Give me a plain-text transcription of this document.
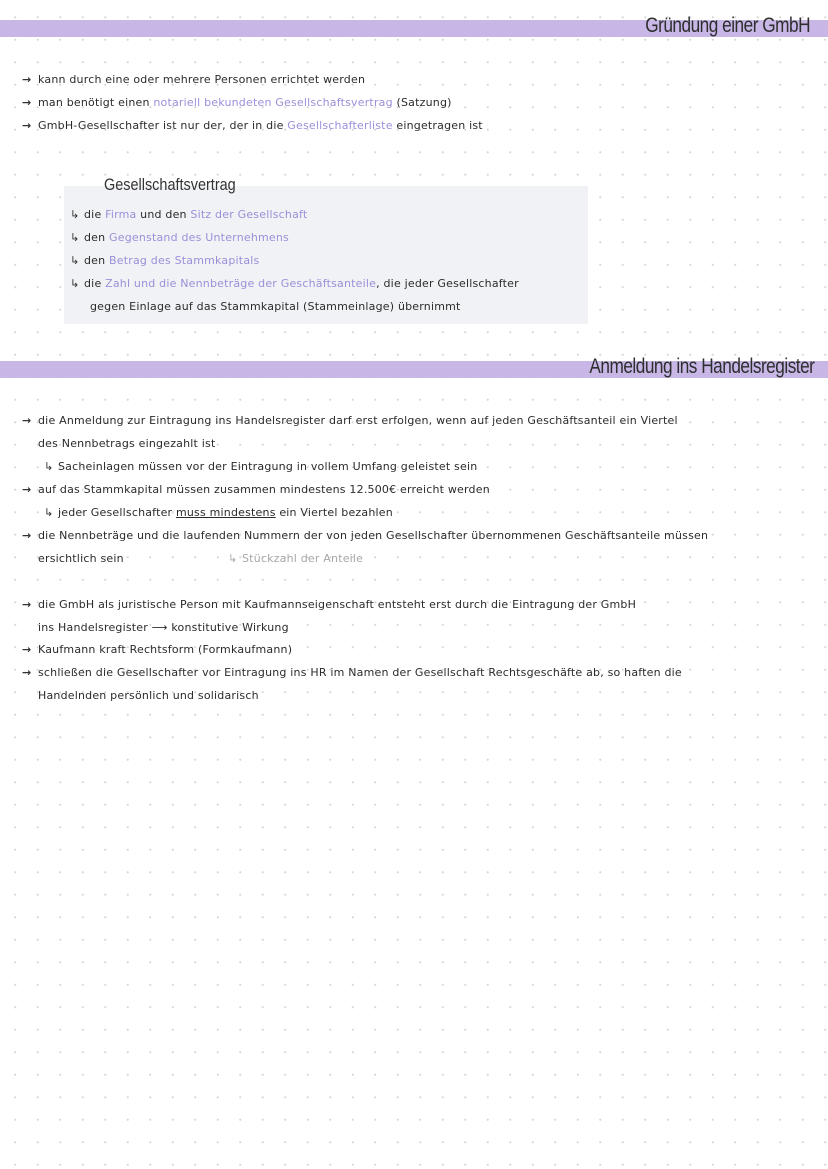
Gründung einer GmbH
→ kann durch eine oder mehrere Personen errichtet werden
→ man benötigt einen notariell bekundeten Gesellschaftsvertrag (Satzung)
→ GmbH-Gesellschafter ist nur der, der in die Gesellschafterliste eingetragen ist
Gesellschaftsvertrag
↳ die Firma und den Sitz der Gesellschaft
↳ den Gegenstand des Unternehmens
↳ den Betrag des Stammkapitals
↳ die Zahl und die Nennbeträge der Geschäftsanteile, die jeder Gesellschafter
gegen Einlage auf das Stammkapital (Stammeinlage) übernimmt
Anmeldung ins Handelsregister
→ die Anmeldung zur Eintragung ins Handelsregister darf erst erfolgen, wenn auf jeden Geschäftsanteil ein Viertel
des Nennbetrags eingezahlt ist
↳ Sacheinlagen müssen vor der Eintragung in vollem Umfang geleistet sein
→ auf das Stammkapital müssen zusammen mindestens 12.500€ erreicht werden
↳ jeder Gesellschafter muss mindestens ein Viertel bezahlen
→ die Nennbeträge und die laufenden Nummern der von jeden Gesellschafter übernommenen Geschäftsanteile müssen
ersichtlich sein	↳ Stückzahl der Anteile
→ die GmbH als juristische Person mit Kaufmannseigenschaft entsteht erst durch die Eintragung der GmbH
ins Handelsregister ⟶ konstitutive Wirkung
→ Kaufmann kraft Rechtsform (Formkaufmann)
→ schließen die Gesellschafter vor Eintragung ins HR im Namen der Gesellschaft Rechtsgeschäfte ab, so haften die
Handelnden persönlich und solidarisch
